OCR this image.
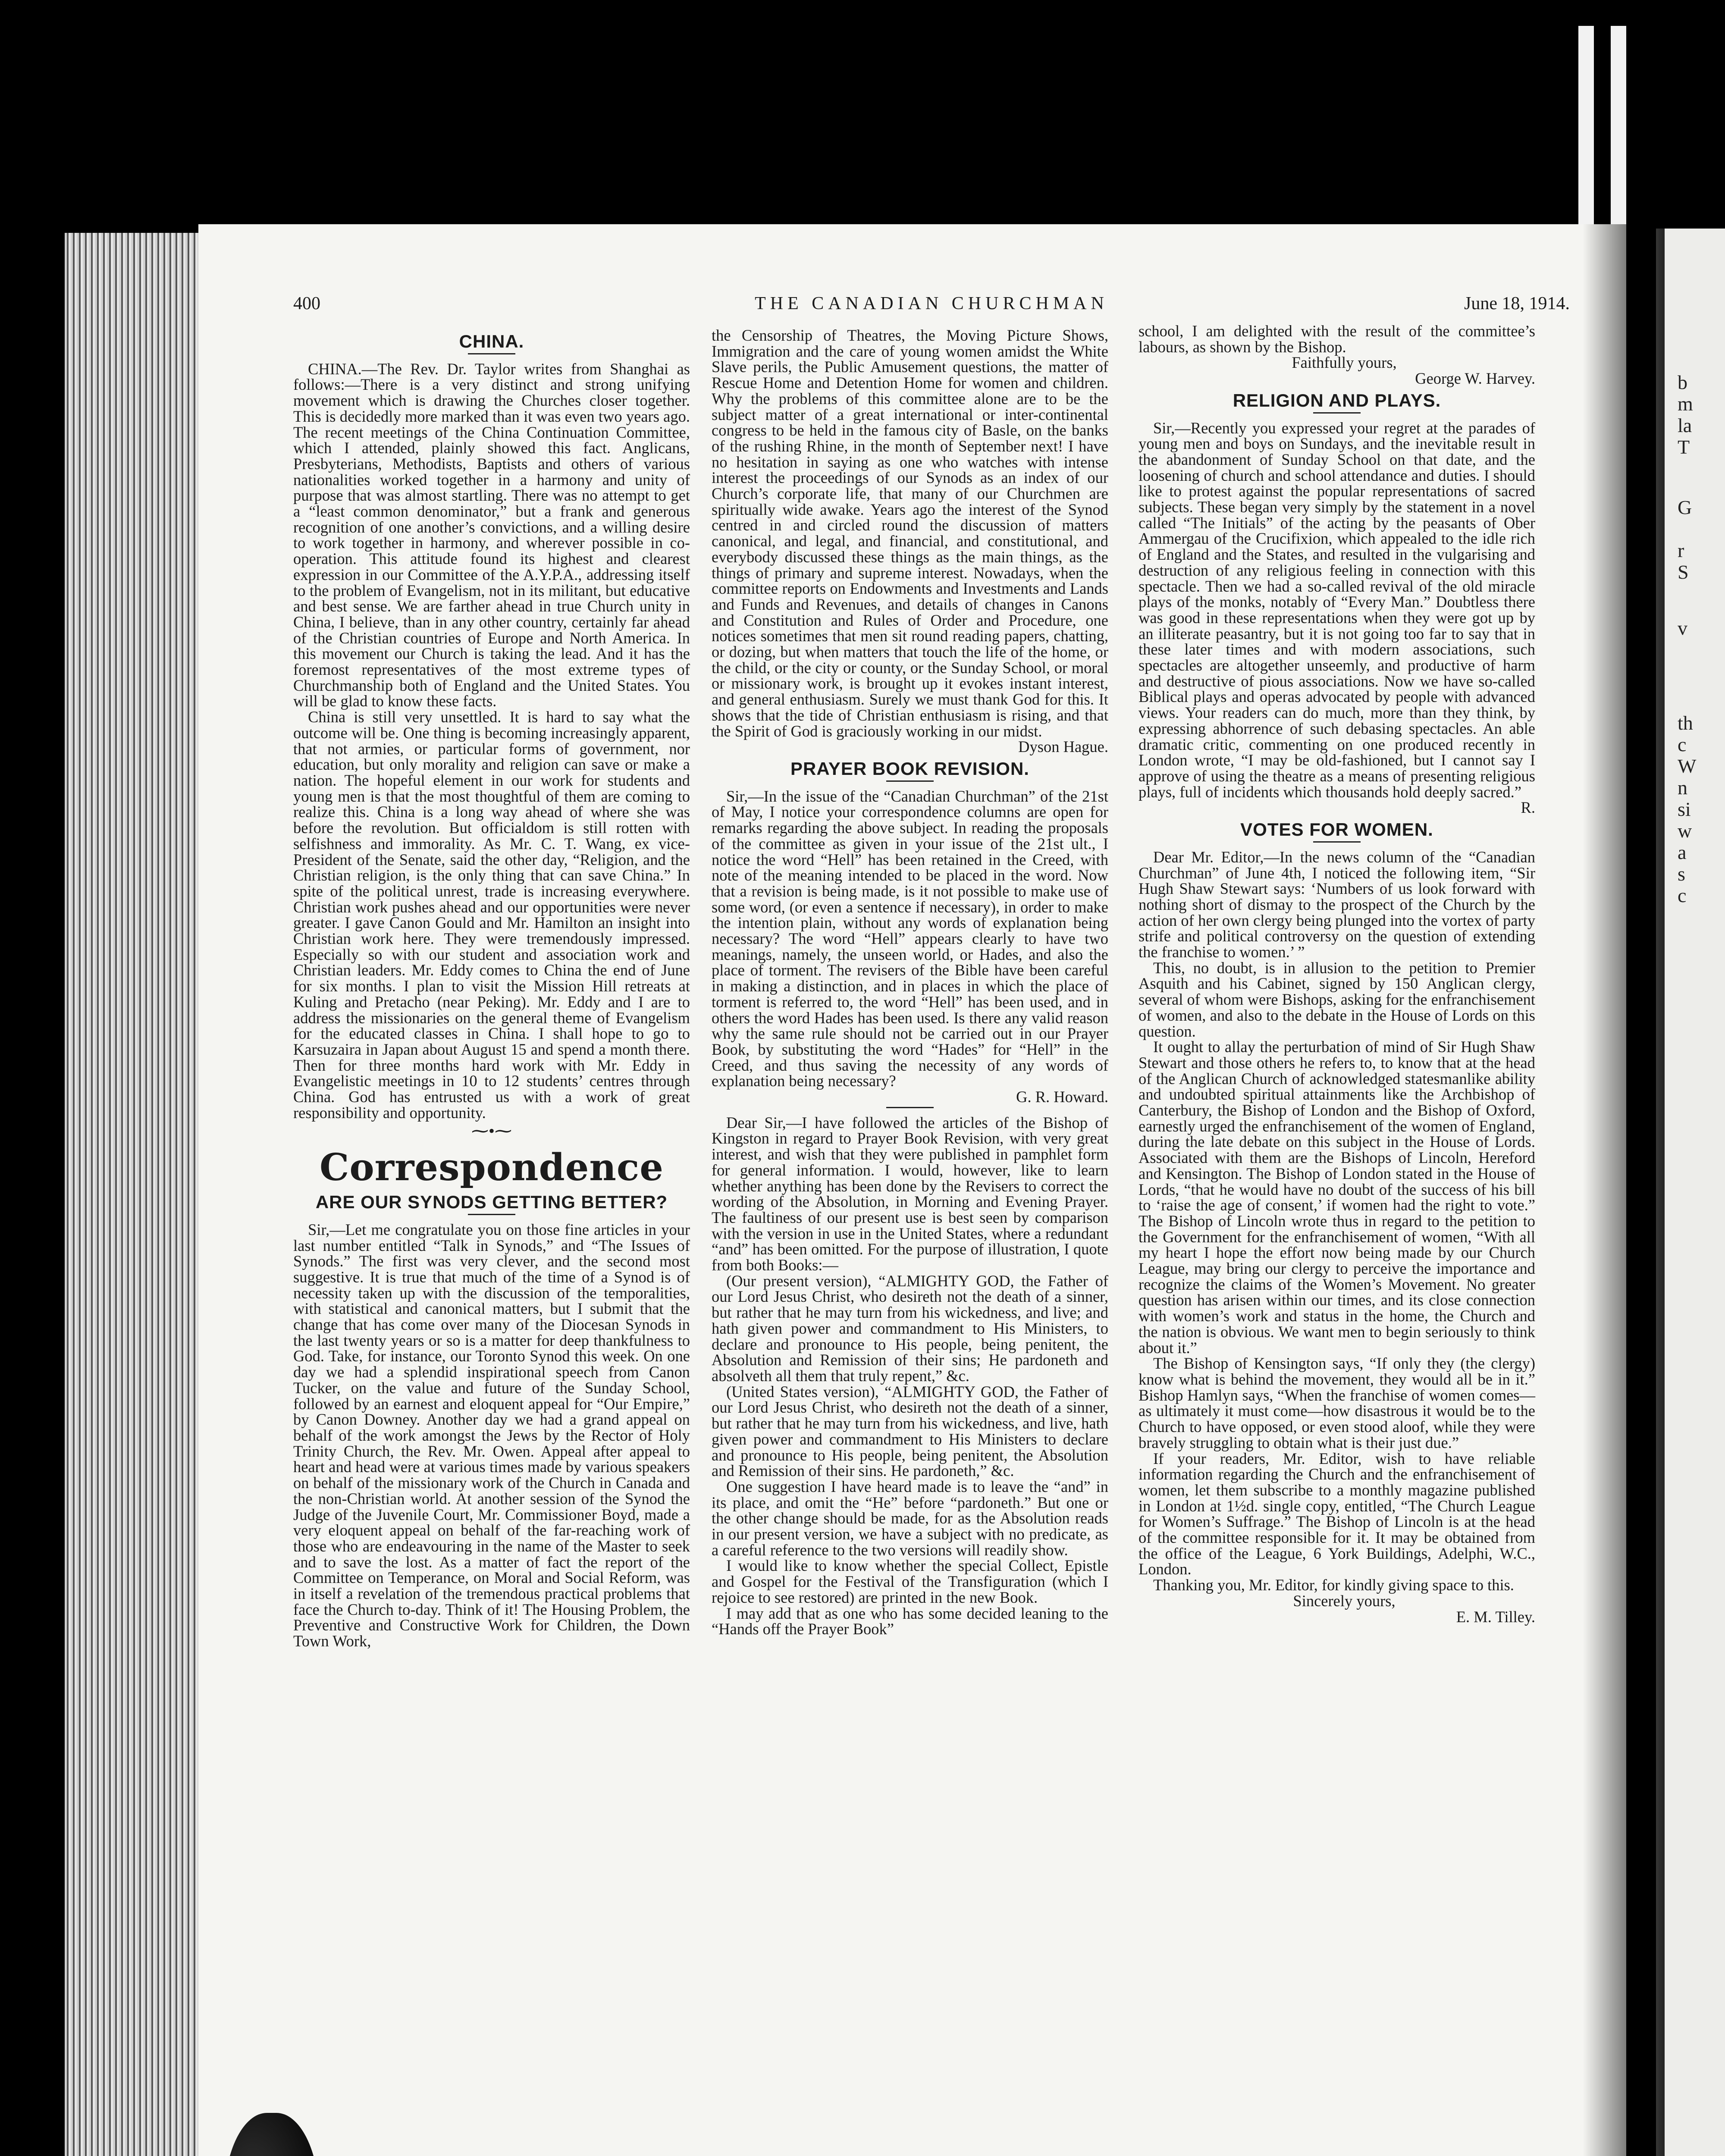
b
m
la
T
G
r
S
v
th
c
W
n
si
w
a
s
c
400	THE CANADIAN CHURCHMAN	June 18, 1914.
CHINA.

CHINA.—The Rev. Dr. Taylor writes from Shanghai as follows:—There is a very distinct and strong unifying movement which is drawing the Churches closer together. This is decidedly more marked than it was even two years ago. The recent meetings of the China Continuation Committee, which I attended, plainly showed this fact. Anglicans, Presbyterians, Methodists, Baptists and others of various nationalities worked together in a harmony and unity of purpose that was almost startling. There was no attempt to get a “least common denominator,” but a frank and generous recognition of one another’s convictions, and a willing desire to work together in harmony, and wherever possible in co-operation. This attitude found its highest and clearest expression in our Committee of the A.Y.P.A., addressing itself to the problem of Evangelism, not in its militant, but educative and best sense. We are farther ahead in true Church unity in China, I believe, than in any other country, certainly far ahead of the Christian countries of Europe and North America. In this movement our Church is taking the lead. And it has the foremost representatives of the most extreme types of Churchmanship both of England and the United States. You will be glad to know these facts.

China is still very unsettled. It is hard to say what the outcome will be. One thing is becoming increasingly apparent, that not armies, or particular forms of government, nor education, but only morality and religion can save or make a nation. The hopeful element in our work for students and young men is that the most thoughtful of them are coming to realize this. China is a long way ahead of where she was before the revolution. But officialdom is still rotten with selfishness and immorality. As Mr. C. T. Wang, ex vice-President of the Senate, said the other day, “Religion, and the Christian religion, is the only thing that can save China.” In spite of the political unrest, trade is increasing everywhere. Christian work pushes ahead and our opportunities were never greater. I gave Canon Gould and Mr. Hamilton an insight into Christian work here. They were tremendously impressed. Especially so with our student and association work and Christian leaders. Mr. Eddy comes to China the end of June for six months. I plan to visit the Mission Hill retreats at Kuling and Pretacho (near Peking). Mr. Eddy and I are to address the missionaries on the general theme of Evangelism for the educated classes in China. I shall hope to go to Karsuzaira in Japan about August 15 and spend a month there. Then for three months hard work with Mr. Eddy in Evangelistic meetings in 10 to 12 students’ centres through China. God has entrusted us with a work of great responsibility and opportunity.

⁓•⁓
Correspondence
ARE OUR SYNODS GETTING BETTER?

Sir,—Let me congratulate you on those fine articles in your last number entitled “Talk in Synods,” and “The Issues of Synods.” The first was very clever, and the second most suggestive. It is true that much of the time of a Synod is of necessity taken up with the discussion of the temporalities, with statistical and canonical matters, but I submit that the change that has come over many of the Diocesan Synods in the last twenty years or so is a matter for deep thankfulness to God. Take, for instance, our Toronto Synod this week. On one day we had a splendid inspirational speech from Canon Tucker, on the value and future of the Sunday School, followed by an earnest and eloquent appeal for “Our Empire,” by Canon Downey. Another day we had a grand appeal on behalf of the work amongst the Jews by the Rector of Holy Trinity Church, the Rev. Mr. Owen. Appeal after appeal to heart and head were at various times made by various speakers on behalf of the missionary work of the Church in Canada and the non-Christian world. At another session of the Synod the Judge of the Juvenile Court, Mr. Commissioner Boyd, made a very eloquent appeal on behalf of the far-reaching work of those who are endeavouring in the name of the Master to seek and to save the lost. As a matter of fact the report of the Committee on Temperance, on Moral and Social Reform, was in itself a revelation of the tremendous practical problems that face the Church to-day. Think of it! The Housing Problem, the Preventive and Constructive Work for Children, the Down Town Work,

the Censorship of Theatres, the Moving Picture Shows, Immigration and the care of young women amidst the White Slave perils, the Public Amusement questions, the matter of Rescue Home and Detention Home for women and children. Why the problems of this committee alone are to be the subject matter of a great international or inter-continental congress to be held in the famous city of Basle, on the banks of the rushing Rhine, in the month of September next! I have no hesitation in saying as one who watches with intense interest the proceedings of our Synods as an index of our Church’s corporate life, that many of our Churchmen are spiritually wide awake. Years ago the interest of the Synod centred in and circled round the discussion of matters canonical, and legal, and financial, and constitutional, and everybody discussed these things as the main things, as the things of primary and supreme interest. Nowadays, when the committee reports on Endowments and Investments and Lands and Funds and Revenues, and details of changes in Canons and Constitution and Rules of Order and Procedure, one notices sometimes that men sit round reading papers, chatting, or dozing, but when matters that touch the life of the home, or the child, or the city or county, or the Sunday School, or moral or missionary work, is brought up it evokes instant interest, and general enthusiasm. Surely we must thank God for this. It shows that the tide of Christian enthusiasm is rising, and that the Spirit of God is graciously working in our midst.

Dyson Hague.

PRAYER BOOK REVISION.

Sir,—In the issue of the “Canadian Churchman” of the 21st of May, I notice your correspondence columns are open for remarks regarding the above subject. In reading the proposals of the committee as given in your issue of the 21st ult., I notice the word “Hell” has been retained in the Creed, with note of the meaning intended to be placed in the word. Now that a revision is being made, is it not possible to make use of some word, (or even a sentence if necessary), in order to make the intention plain, without any words of explanation being necessary? The word “Hell” appears clearly to have two meanings, namely, the unseen world, or Hades, and also the place of torment. The revisers of the Bible have been careful in making a distinction, and in places in which the place of torment is referred to, the word “Hell” has been used, and in others the word Hades has been used. Is there any valid reason why the same rule should not be carried out in our Prayer Book, by substituting the word “Hades” for “Hell” in the Creed, and thus saving the necessity of any words of explanation being necessary?

G. R. Howard.

Dear Sir,—I have followed the articles of the Bishop of Kingston in regard to Prayer Book Revision, with very great interest, and wish that they were published in pamphlet form for general information. I would, however, like to learn whether anything has been done by the Revisers to correct the wording of the Absolution, in Morning and Evening Prayer. The faultiness of our present use is best seen by comparison with the version in use in the United States, where a redundant “and” has been omitted. For the purpose of illustration, I quote from both Books:—

(Our present version), “ALMIGHTY GOD, the Father of our Lord Jesus Christ, who desireth not the death of a sinner, but rather that he may turn from his wickedness, and live; and hath given power and commandment to His Ministers, to declare and pronounce to His people, being penitent, the Absolution and Remission of their sins; He pardoneth and absolveth all them that truly repent,” &c.

(United States version), “ALMIGHTY GOD, the Father of our Lord Jesus Christ, who desireth not the death of a sinner, but rather that he may turn from his wickedness, and live, hath given power and commandment to His Ministers to declare and pronounce to His people, being penitent, the Absolution and Remission of their sins. He pardoneth,” &c.

One suggestion I have heard made is to leave the “and” in its place, and omit the “He” before “pardoneth.” But one or the other change should be made, for as the Absolution reads in our present version, we have a subject with no predicate, as a careful reference to the two versions will readily show.

I would like to know whether the special Collect, Epistle and Gospel for the Festival of the Transfiguration (which I rejoice to see restored) are printed in the new Book.

I may add that as one who has some decided leaning to the “Hands off the Prayer Book”

school, I am delighted with the result of the committee’s labours, as shown by the Bishop.

Faithfully yours,

George W. Harvey.

RELIGION AND PLAYS.

Sir,—Recently you expressed your regret at the parades of young men and boys on Sundays, and the inevitable result in the abandonment of Sunday School on that date, and the loosening of church and school attendance and duties. I should like to protest against the popular representations of sacred subjects. These began very simply by the statement in a novel called “The Initials” of the acting by the peasants of Ober Ammergau of the Crucifixion, which appealed to the idle rich of England and the States, and resulted in the vulgarising and destruction of any religious feeling in connection with this spectacle. Then we had a so-called revival of the old miracle plays of the monks, notably of “Every Man.” Doubtless there was good in these representations when they were got up by an illiterate peasantry, but it is not going too far to say that in these later times and with modern associations, such spectacles are altogether unseemly, and productive of harm and destructive of pious associations. Now we have so-called Biblical plays and operas advocated by people with advanced views. Your readers can do much, more than they think, by expressing abhorrence of such debasing spectacles. An able dramatic critic, commenting on one produced recently in London wrote, “I may be old-fashioned, but I cannot say I approve of using the theatre as a means of presenting religious plays, full of incidents which thousands hold deeply sacred.”

R.

VOTES FOR WOMEN.

Dear Mr. Editor,—In the news column of the “Canadian Churchman” of June 4th, I noticed the following item, “Sir Hugh Shaw Stewart says: ‘Numbers of us look forward with nothing short of dismay to the prospect of the Church by the action of her own clergy being plunged into the vortex of party strife and political controversy on the question of extending the franchise to women.’ ”

This, no doubt, is in allusion to the petition to Premier Asquith and his Cabinet, signed by 150 Anglican clergy, several of whom were Bishops, asking for the enfranchisement of women, and also to the debate in the House of Lords on this question.

It ought to allay the perturbation of mind of Sir Hugh Shaw Stewart and those others he refers to, to know that at the head of the Anglican Church of acknowledged statesmanlike ability and undoubted spiritual attainments like the Archbishop of Canterbury, the Bishop of London and the Bishop of Oxford, earnestly urged the enfranchisement of the women of England, during the late debate on this subject in the House of Lords. Associated with them are the Bishops of Lincoln, Hereford and Kensington. The Bishop of London stated in the House of Lords, “that he would have no doubt of the success of his bill to ‘raise the age of consent,’ if women had the right to vote.” The Bishop of Lincoln wrote thus in regard to the petition to the Government for the enfranchisement of women, “With all my heart I hope the effort now being made by our Church League, may bring our clergy to perceive the importance and recognize the claims of the Women’s Movement. No greater question has arisen within our times, and its close connection with women’s work and status in the home, the Church and the nation is obvious. We want men to begin seriously to think about it.”

The Bishop of Kensington says, “If only they (the clergy) know what is behind the movement, they would all be in it.” Bishop Hamlyn says, “When the franchise of women comes—as ultimately it must come—how disastrous it would be to the Church to have opposed, or even stood aloof, while they were bravely struggling to obtain what is their just due.”

If your readers, Mr. Editor, wish to have reliable information regarding the Church and the enfranchisement of women, let them subscribe to a monthly magazine published in London at 1½d. single copy, entitled, “The Church League for Women’s Suffrage.” The Bishop of Lincoln is at the head of the committee responsible for it. It may be obtained from the office of the League, 6 York Buildings, Adelphi, W.C., London.

Thanking you, Mr. Editor, for kindly giving space to this.

Sincerely yours,

E. M. Tilley.
